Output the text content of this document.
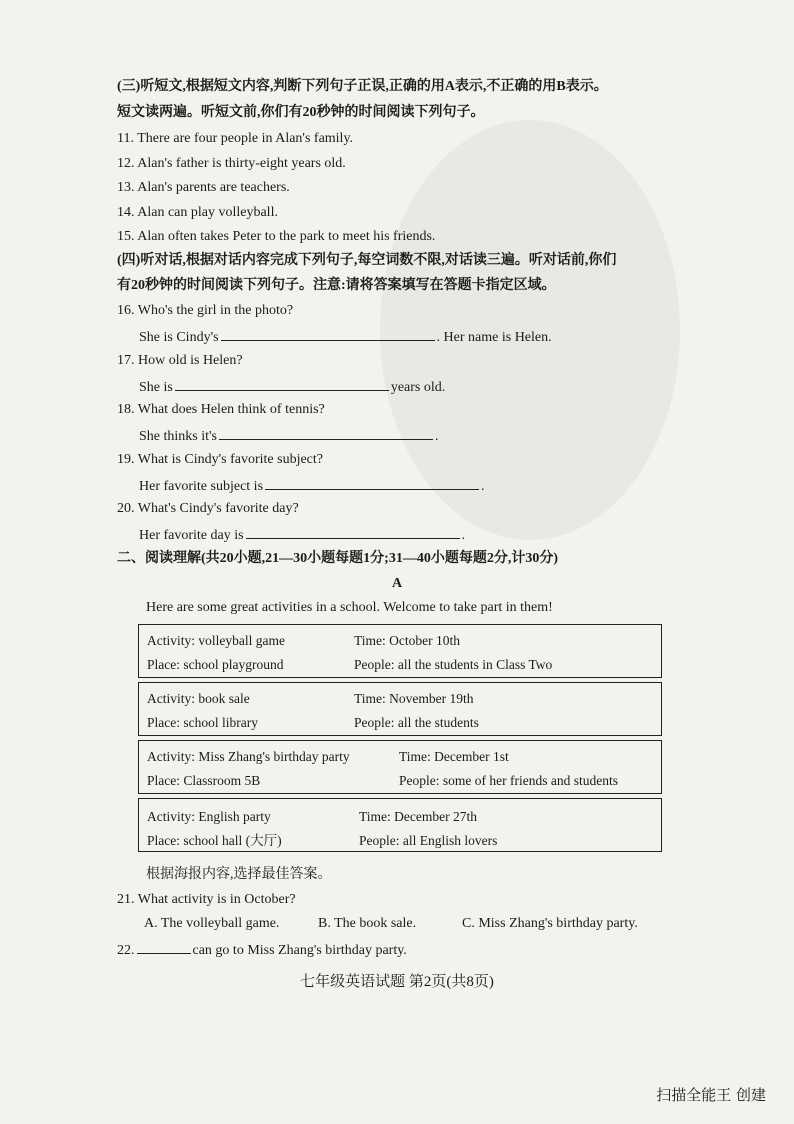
(三)听短文,根据短文内容,判断下列句子正误,正确的用A表示,不正确的用B表示。
短文读两遍。听短文前,你们有20秒钟的时间阅读下列句子。
11. There are four people in Alan's family.
12. Alan's father is thirty-eight years old.
13. Alan's parents are teachers.
14. Alan can play volleyball.
15. Alan often takes Peter to the park to meet his friends.
(四)听对话,根据对话内容完成下列句子,每空词数不限,对话读三遍。听对话前,你们
有20秒钟的时间阅读下列句子。注意:请将答案填写在答题卡指定区域。
16. Who's the girl in the photo?
She is Cindy's	. Her name is Helen.
17. How old is Helen?
She is	years old.
18. What does Helen think of tennis?
She thinks it's	.
19. What is Cindy's favorite subject?
Her favorite subject is	.
20. What's Cindy's favorite day?
Her favorite day is	.
二、阅读理解(共20小题,21—30小题每题1分;31—40小题每题2分,计30分)
A
Here are some great activities in a school. Welcome to take part in them!
Activity: volleyball game	Time: October 10th
Place: school playground	People: all the students in Class Two
Activity: book sale	Time: November 19th
Place: school library	People: all the students
Activity: Miss Zhang's birthday party	Time: December 1st
Place: Classroom 5B	People: some of her friends and students
Activity: English party	Time: December 27th
Place: school hall (大厅)	People: all English lovers
根据海报内容,选择最佳答案。
21. What activity is in October?
A. The volleyball game.	B. The book sale.	C. Miss Zhang's birthday party.
22.	can go to Miss Zhang's birthday party.
七年级英语试题 第2页(共8页)
扫描全能王 创建
